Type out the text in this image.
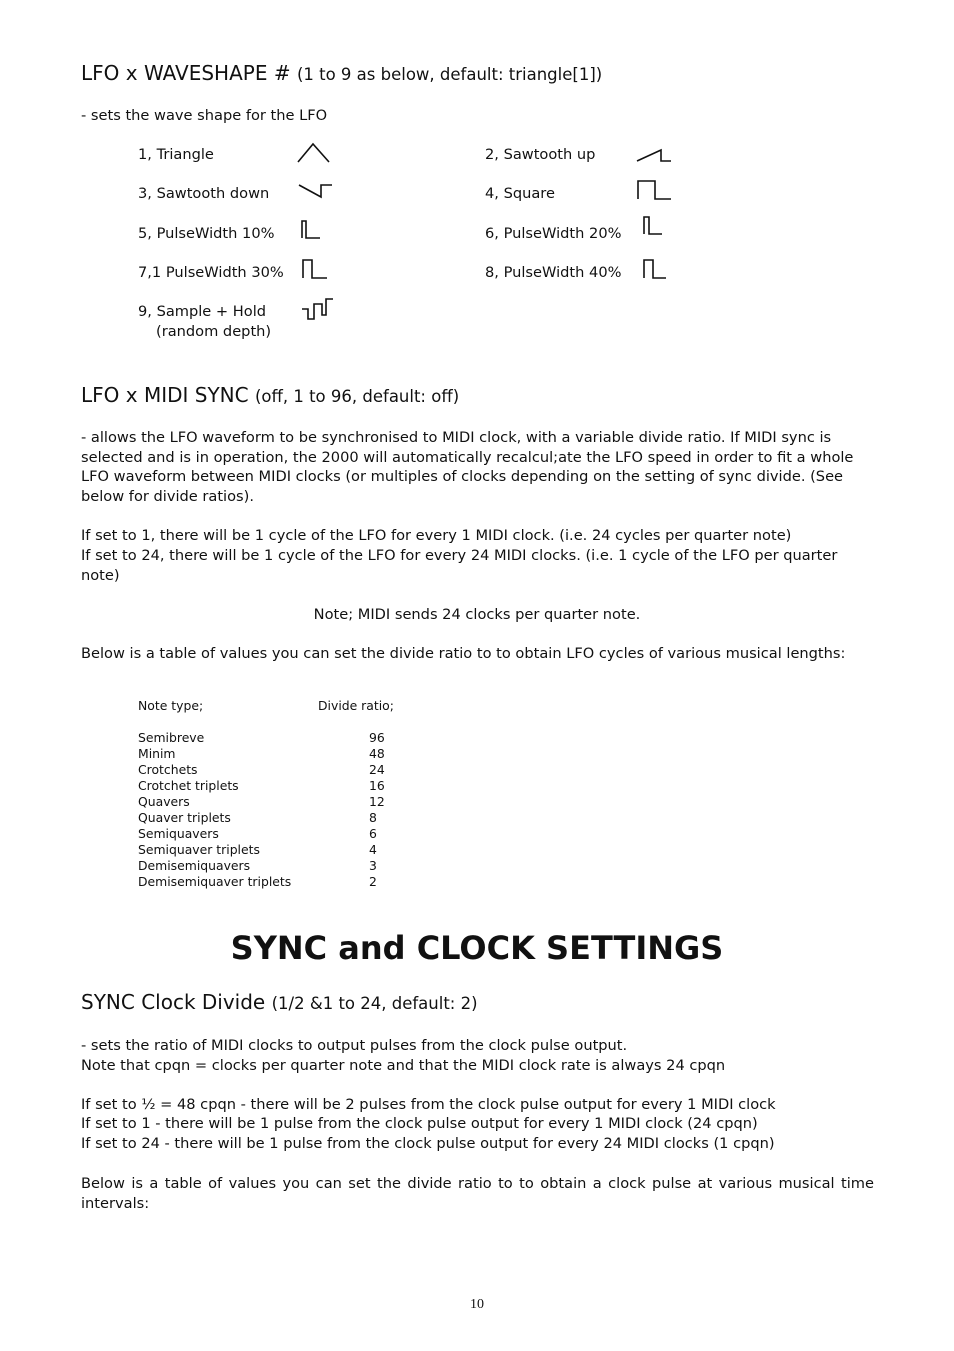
LFO x WAVESHAPE # (1 to 9 as below, default: triangle[1])
- sets the wave shape for the LFO
1, Triangle	2, Sawtooth up
3, Sawtooth down	4, Square
5, PulseWidth 10%	6, PulseWidth 20%
7,1 PulseWidth 30%	8, PulseWidth 40%
9, Sample + Hold
(random depth)
LFO x MIDI SYNC (off, 1 to 96, default: off)
- allows the LFO waveform to be synchronised to MIDI clock, with a variable divide ratio. If MIDI sync is selected and is in operation, the 2000 will automatically recalcul;ate the LFO speed in order to fit a whole LFO waveform between MIDI clocks (or multiples of clocks depending on the setting of sync divide. (See below for divide ratios).
If set to 1, there will be 1 cycle of the LFO for every 1 MIDI clock. (i.e. 24 cycles per quarter note)
If set to 24, there will be 1 cycle of the LFO for every 24 MIDI clocks. (i.e. 1 cycle of the LFO per quarter note)
Note; MIDI sends 24 clocks per quarter note.
Below is a table of values you can set the divide ratio to to obtain LFO cycles of various musical lengths:
Note type;	Divide ratio;

Semibreve	96
Minim	48
Crotchets	24
Crotchet triplets	16
Quavers	12
Quaver triplets	8
Semiquavers	6
Semiquaver triplets	4
Demisemiquavers	3
Demisemiquaver triplets	2
SYNC and CLOCK SETTINGS
SYNC Clock Divide (1/2 &1 to 24, default: 2)
- sets the ratio of MIDI clocks to output pulses from the clock pulse output.
Note that cpqn = clocks per quarter note and that the MIDI clock rate is always 24 cpqn
If set to ½ = 48 cpqn - there will be 2 pulses from the clock pulse output for every 1 MIDI clock
If set to 1 - there will be 1 pulse from the clock pulse output for every 1 MIDI clock (24 cpqn)
If set to 24 - there will be 1 pulse from the clock pulse output for every 24 MIDI clocks (1 cpqn)
Below is a table of values you can set the divide ratio to to obtain a clock pulse at various musical time intervals:
10
